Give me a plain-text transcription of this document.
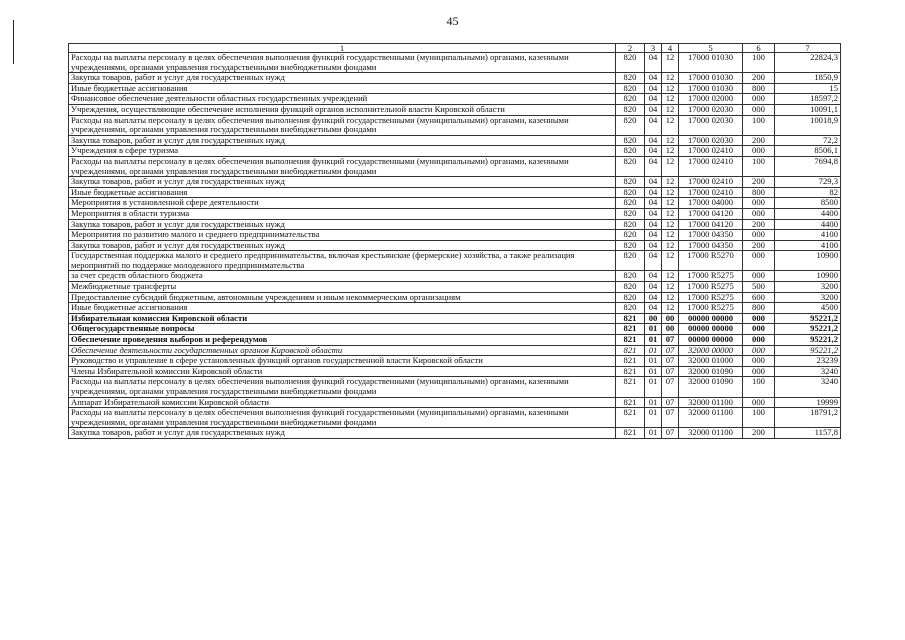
45
1	2	3	4	5	6	7
Расходы на выплаты персоналу в целях обеспечения выполнения функций государственными (муниципальными) органами, казенными учреждениями, органами управления государственными внебюджетными фондами	820	04	12	17000 01030	100	22824,3
Закупка товаров, работ и услуг для государственных нужд	820	04	12	17000 01030	200	1850,9
Иные бюджетные ассигнования	820	04	12	17000 01030	800	15
Финансовое обеспечение деятельности областных государственных учреждений	820	04	12	17000 02000	000	18597,2
Учреждения, осуществляющие обеспечение исполнения функций органов исполнительной власти Кировской области	820	04	12	17000 02030	000	10091,1
Расходы на выплаты персоналу в целях обеспечения выполнения функций государственными (муниципальными) органами, казенными учреждениями, органами управления государственными внебюджетными фондами	820	04	12	17000 02030	100	10018,9
Закупка товаров, работ и услуг для государственных нужд	820	04	12	17000 02030	200	72,2
Учреждения в сфере туризма	820	04	12	17000 02410	000	8506,1
Расходы на выплаты персоналу в целях обеспечения выполнения функций государственными (муниципальными) органами, казенными учреждениями, органами управления государственными внебюджетными фондами	820	04	12	17000 02410	100	7694,8
Закупка товаров, работ и услуг для государственных нужд	820	04	12	17000 02410	200	729,3
Иные бюджетные ассигнования	820	04	12	17000 02410	800	82
Мероприятия в установленной сфере деятельности	820	04	12	17000 04000	000	8500
Мероприятия в области туризма	820	04	12	17000 04120	000	4400
Закупка товаров, работ и услуг для государственных нужд	820	04	12	17000 04120	200	4400
Мероприятия по развитию малого и среднего предпринимательства	820	04	12	17000 04350	000	4100
Закупка товаров, работ и услуг для государственных нужд	820	04	12	17000 04350	200	4100
Государственная поддержка малого и среднего предпринимательства, включая крестьянские (фермерские) хозяйства, а также реализация мероприятий по поддержке молодежного предпринимательства	820	04	12	17000 R5270	000	10900
за счет средств областного бюджета	820	04	12	17000 R5275	000	10900
Межбюджетные трансферты	820	04	12	17000 R5275	500	3200
Предоставление субсидий бюджетным, автономным учреждениям и иным некоммерческим организациям	820	04	12	17000 R5275	600	3200
Иные бюджетные ассигнования	820	04	12	17000 R5275	800	4500
Избирательная комиссия Кировской области	821	00	00	00000 00000	000	95221,2
Общегосударственные вопросы	821	01	00	00000 00000	000	95221,2
Обеспечение проведения выборов и референдумов	821	01	07	00000 00000	000	95221,2
Обеспечение деятельности государственных органов Кировской области	821	01	07	32000 00000	000	95221,2
Руководство и управление в сфере установленных функций органов государственной власти Кировской области	821	01	07	32000 01000	000	23239
Члены Избирательной комиссии Кировской области	821	01	07	32000 01090	000	3240
Расходы на выплаты персоналу в целях обеспечения выполнения функций государственными (муниципальными) органами, казенными учреждениями, органами управления государственными внебюджетными фондами	821	01	07	32000 01090	100	3240
Аппарат Избирательной комиссии Кировской области	821	01	07	32000 01100	000	19999
Расходы на выплаты персоналу в целях обеспечения выполнения функций государственными (муниципальными) органами, казенными учреждениями, органами управления государственными внебюджетными фондами	821	01	07	32000 01100	100	18791,2
Закупка товаров, работ и услуг для государственных нужд	821	01	07	32000 01100	200	1157,8
